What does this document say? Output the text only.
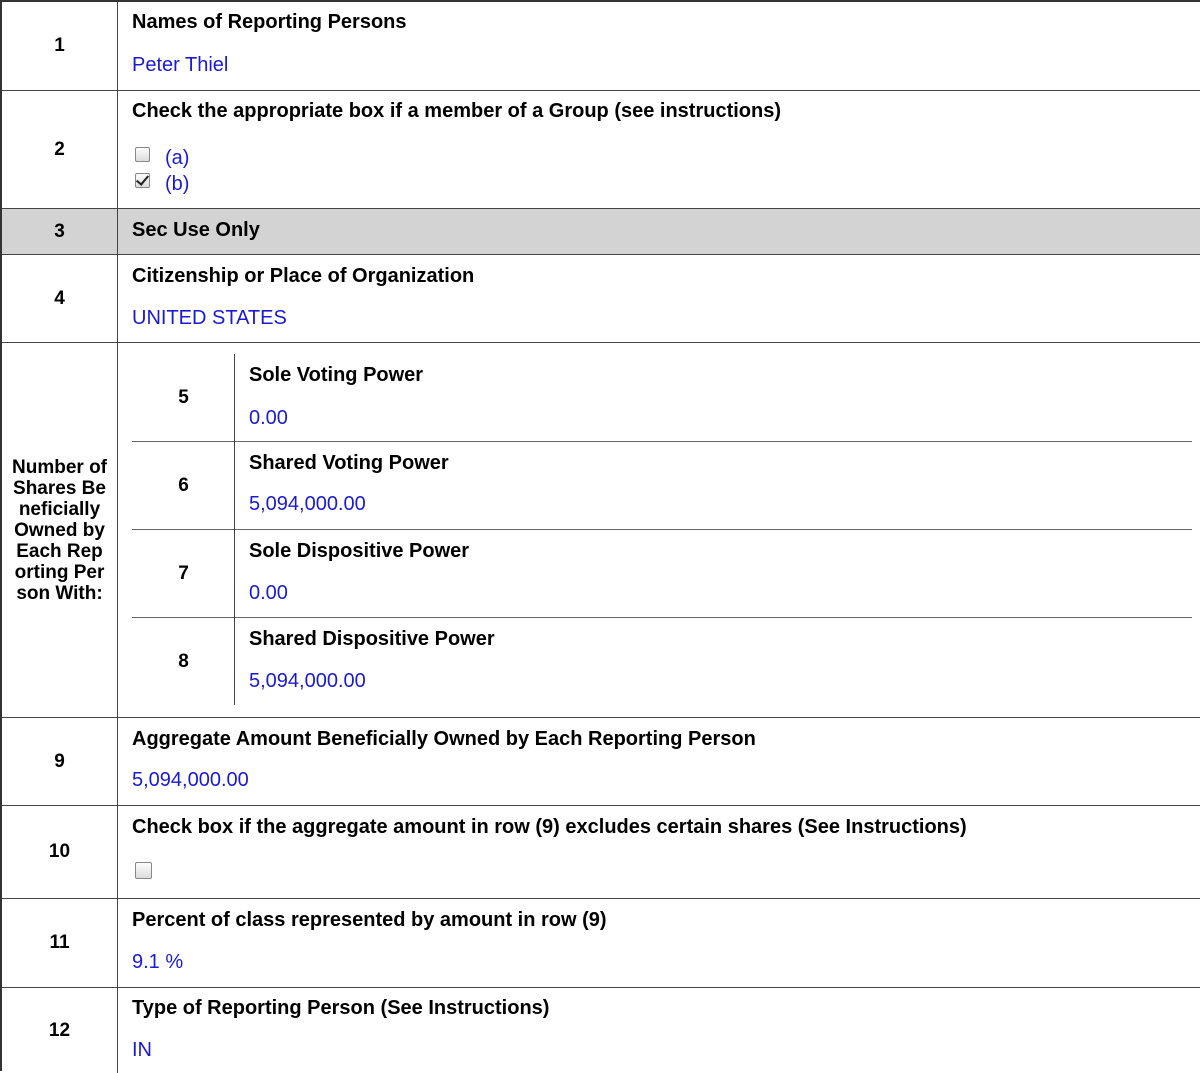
1
Names of Reporting Persons
Peter Thiel
2
Check the appropriate box if a member of a Group (see instructions)
(a)
(b)
3	Sec Use Only
4
Citizenship or Place of Organization
UNITED STATES
Number of Shares Beneficially Owned by Each Reporting Person With:
5
Sole Voting Power
0.00
6
Shared Voting Power
5,094,000.00
7
Sole Dispositive Power
0.00
8
Shared Dispositive Power
5,094,000.00
9
Aggregate Amount Beneficially Owned by Each Reporting Person
5,094,000.00
10
Check box if the aggregate amount in row (9) excludes certain shares (See Instructions)
11
Percent of class represented by amount in row (9)
9.1 %
12
Type of Reporting Person (See Instructions)
IN
